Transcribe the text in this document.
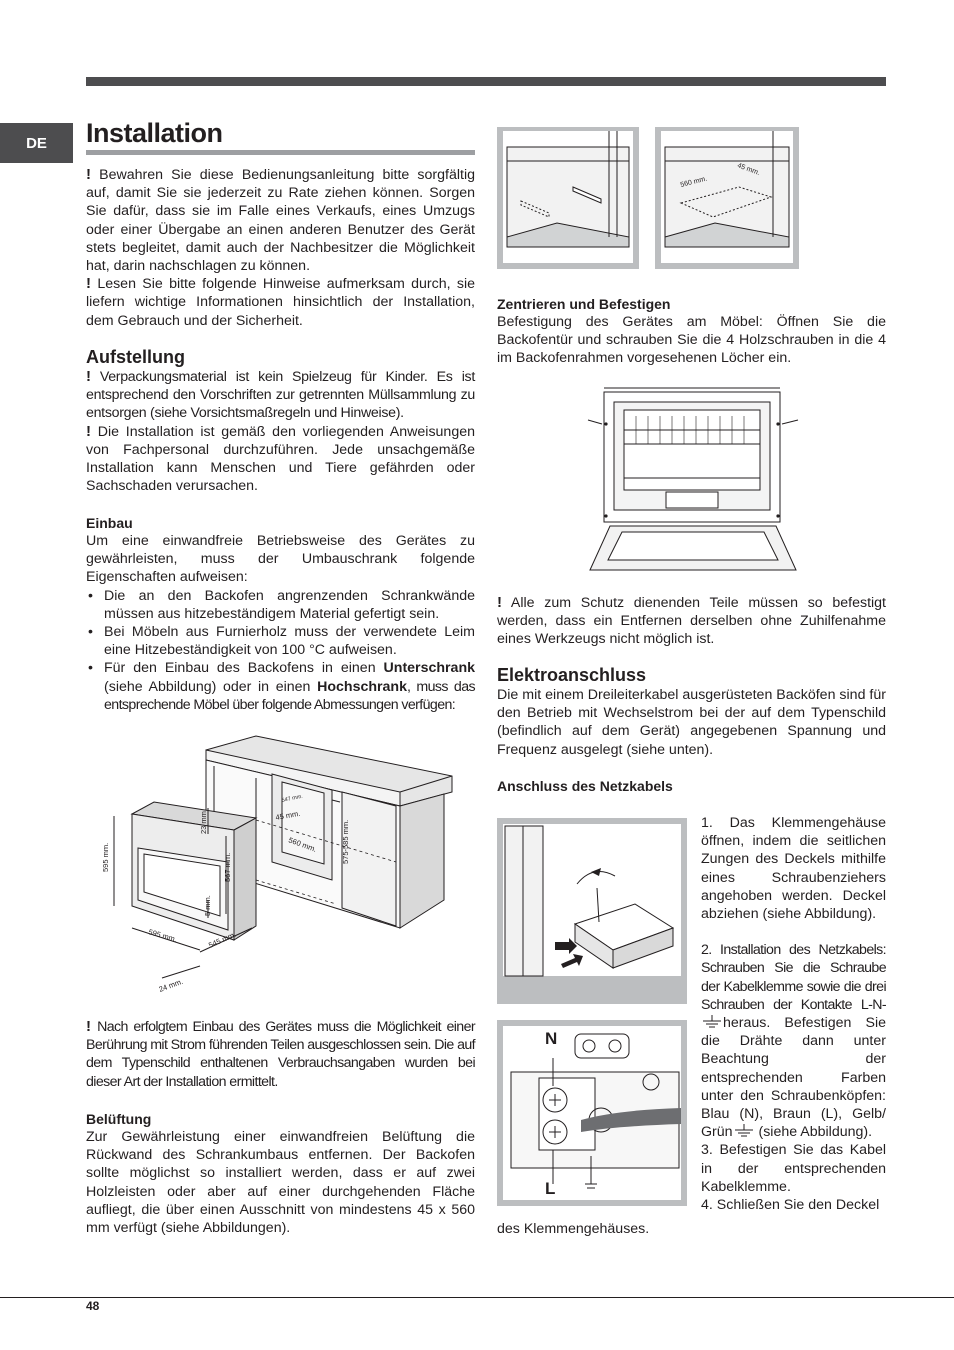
DE	Installation

! Bewahren Sie diese Bedienungsanleitung bitte sorgfältig auf, damit Sie sie jederzeit zu Rate ziehen können. Sorgen Sie dafür, dass sie im Falle eines Verkaufs, eines Umzugs oder einer Übergabe an einen anderen Benutzer des Gerät stets begleitet, damit auch der Nachbesitzer die Möglichkeit hat, darin nachschlagen zu können.

! Lesen Sie bitte folgende Hinweise aufmerksam durch, sie liefern wichtige Informationen hinsichtlich der Installation, dem Gebrauch und der Sicherheit.

Aufstellung

! Verpackungsmaterial ist kein Spielzeug für Kinder. Es ist entsprechend den Vorschriften zur getrennten Müllsammlung zu entsorgen (siehe Vorsichtsmaßregeln und Hinweise).

! Die Installation ist gemäß den vorliegenden Anweisungen von Fachpersonal durchzuführen. Jede unsachgemäße Installation kann Menschen und Tiere gefährden oder Sachschaden verursachen.

Einbau

Um eine einwandfreie Betriebsweise des Gerätes zu gewährleisten, muss der Umbauschrank folgende Eigenschaften aufweisen:

• Die an den Backofen angrenzenden Schrankwände müssen aus hitzebeständigem Material gefertigt sein.
• Bei Möbeln aus Furnierholz muss der verwendete Leim eine Hitzebeständigkeit von 100 °C aufweisen.
• Für den Einbau des Backofens in einen Unterschrank (siehe Abbildung) oder in einen Hochschrank, muss das entsprechende Möbel über folgende Abmessungen verfügen:
595 mm.
23 mm.
567 mm.
5 mm.
595 mm.	545 mm.
24 mm.
547 mm.
45 mm.
560 mm.	575-585 mm.

! Nach erfolgtem Einbau des Gerätes muss die Möglichkeit einer Berührung mit Strom führenden Teilen ausgeschlossen sein. Die auf dem Typenschild enthaltenen Verbrauchsangaben wurden bei dieser Art der Installation ermittelt.

Belüftung

Zur Gewährleistung einer einwandfreien Belüftung die Rückwand des Schrankumbaus entfernen. Der Backofen sollte möglichst so installiert werden, dass er auf zwei Holzleisten oder aber auf einer durchgehenden Fläche aufliegt, die über einen Ausschnitt von mindestens 45 x 560 mm verfügt (siehe Abbildungen).

560 mm.
45 mm.
Zentrieren und Befestigen

Befestigung des Gerätes am Möbel: Öffnen Sie die Backofentür und schrauben Sie die 4 Holzschrauben in die 4 im Backofenrahmen vorgesehenen Löcher ein.

! Alle zum Schutz dienenden Teile müssen so befestigt werden, dass ein Entfernen derselben ohne Zuhilfenahme eines Werkzeugs nicht möglich ist.

Elektroanschluss

Die mit einem Dreileiterkabel ausgerüsteten Backöfen sind für den Betrieb mit Wechselstrom bei der auf dem Typenschild (befindlich auf dem Gerät) angegebenen Spannung und Frequenz ausgelegt (siehe unten).

Anschluss des Netzkabels
N
L

1. Das Klemmengehäuse öffnen, indem die seitlichen Zungen des Deckels mithilfe eines Schraubenziehers angehoben werden. Deckel abziehen (siehe Abbildung).

2. Installation des Netzkabels: Schrauben Sie die Schraube der Kabelklemme sowie die drei Schrauben der Kontakte L-N-heraus. Befestigen Sie die Drähte dann unter Beachtung der entsprechenden Farben unter den Schraubenköpfen: Blau (N), Braun (L), Gelb/ Grün (siehe Abbildung).

3. Befestigen Sie das Kabel in der entsprechenden Kabelklemme.

4. Schließen Sie den Deckel

des Klemmengehäuses.

48
